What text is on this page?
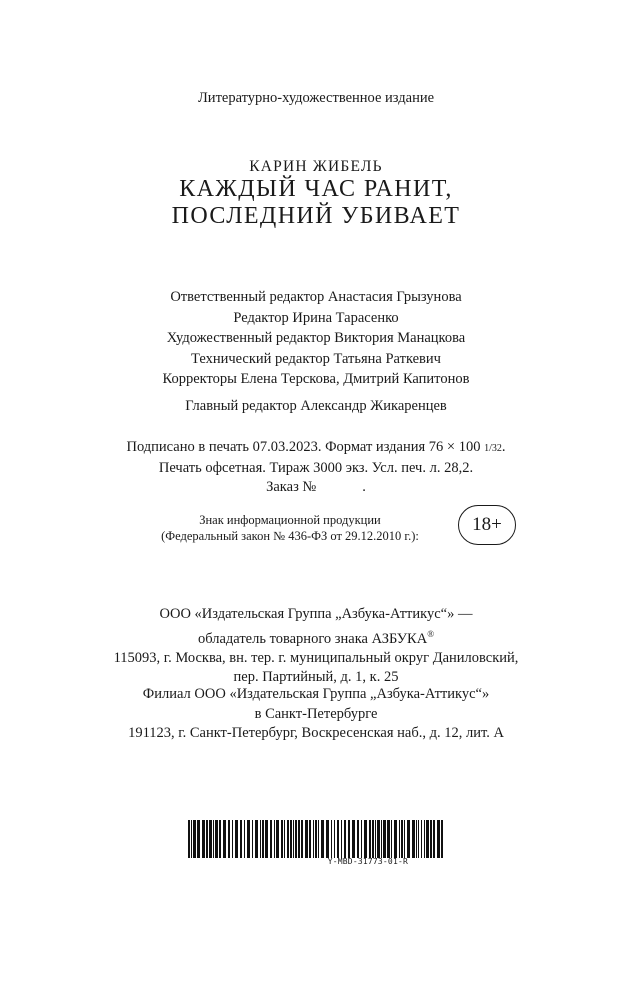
Литературно-художественное издание
КАРИН ЖИБЕЛЬ
КАЖДЫЙ ЧАС РАНИТ,
ПОСЛЕДНИЙ УБИВАЕТ
Ответственный редактор Анастасия Грызунова
Редактор Ирина Тарасенко
Художественный редактор Виктория Манацкова
Технический редактор Татьяна Раткевич
Корректоры Елена Терскова, Дмитрий Капитонов
Главный редактор Александр Жикаренцев
Подписано в печать 07.03.2023. Формат издания 76 × 100 1/32.
Печать офсетная. Тираж 3000 экз. Усл. печ. л. 28,2.
Заказ №	.
Знак информационной продукции
(Федеральный закон № 436-ФЗ от 29.12.2010 г.):
18+
ООО «Издательская Группа „Азбука-Аттикус“» —
обладатель товарного знака АЗБУКА®
115093, г. Москва, вн. тер. г. муниципальный округ Даниловский,
пер. Партийный, д. 1, к. 25
Филиал ООО «Издательская Группа „Азбука-Аттикус“»
в Санкт-Петербурге
191123, г. Санкт-Петербург, Воскресенская наб., д. 12, лит. А
Y-MBD-31773-01-R
